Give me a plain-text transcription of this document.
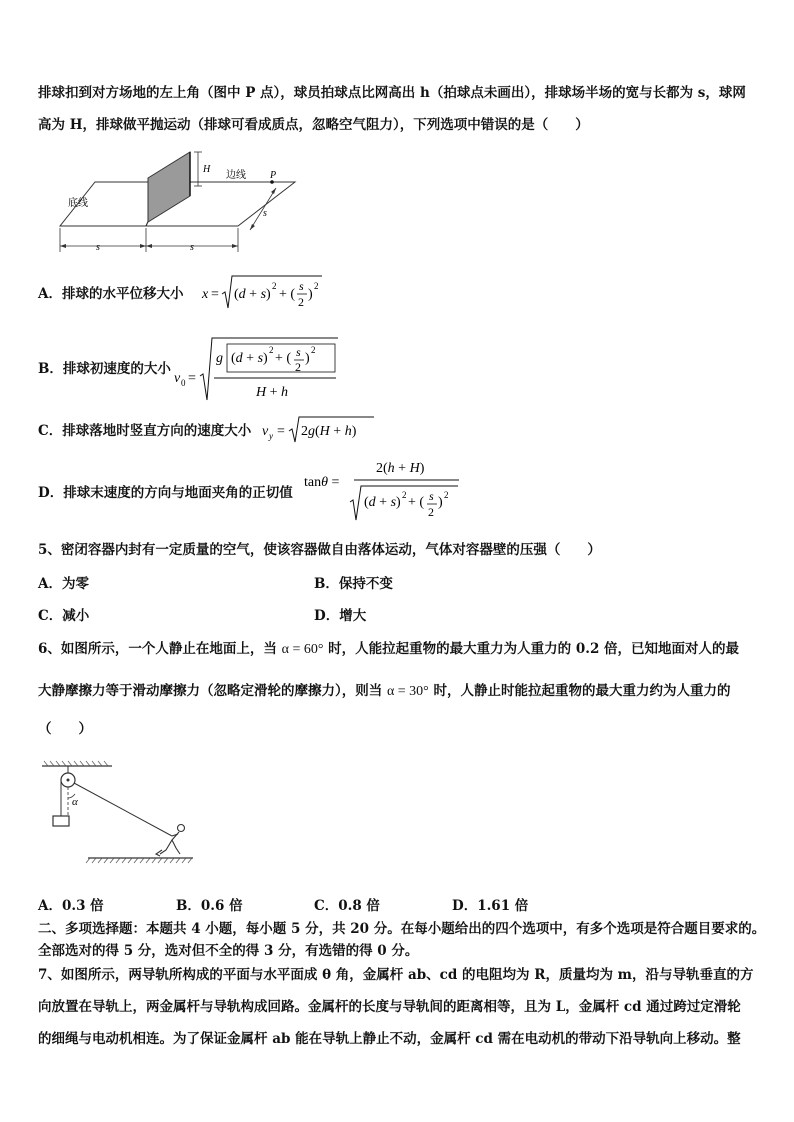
排球扣到对方场地的左上角（图中 P 点），球员拍球点比网高出 h（拍球点未画出），排球场半场的宽与长都为 s，球网
高为 H，排球做平抛运动（排球可看成质点，忽略空气阻力），下列选项中错误的是（　　）
H
P
边线
底线
s
s	s
A．排球的水平位移大小 x = (d + s)
2
+ (
s
2 )
2
B．排球初速度的大小
v 0 =
g (d + s)
2
+ ( s
2
)
2
H + h
C．排球落地时竖直方向的速度大小 v y = 2g(H + h)
D．排球末速度的方向与地面夹角的正切值
tanθ =
2(h + H)
(d + s) 2 + ( s
2
) 2
5、密闭容器内封有一定质量的空气，使该容器做自由落体运动，气体对容器壁的压强（　　）
A．为零	B．保持不变
C．减小	D．增大
6、如图所示，一个人静止在地面上，当 α = 60° 时，人能拉起重物的最大重力为人重力的 0.2 倍，已知地面对人的最
大静摩擦力等于滑动摩擦力（忽略定滑轮的摩擦力），则当 α = 30° 时，人静止时能拉起重物的最大重力约为人重力的
（　　）
α
A．0.3 倍	B．0.6 倍	C．0.8 倍	D．1.61 倍
二、多项选择题：本题共 4 小题，每小题 5 分，共 20 分。在每小题给出的四个选项中，有多个选项是符合题目要求的。
全部选对的得 5 分，选对但不全的得 3 分，有选错的得 0 分。
7、如图所示，两导轨所构成的平面与水平面成 θ 角，金属杆 ab、cd 的电阻均为 R，质量均为 m，沿与导轨垂直的方
向放置在导轨上，两金属杆与导轨构成回路。金属杆的长度与导轨间的距离相等，且为 L，金属杆 cd 通过跨过定滑轮
的细绳与电动机相连。为了保证金属杆 ab 能在导轨上静止不动，金属杆 cd 需在电动机的带动下沿导轨向上移动。整
